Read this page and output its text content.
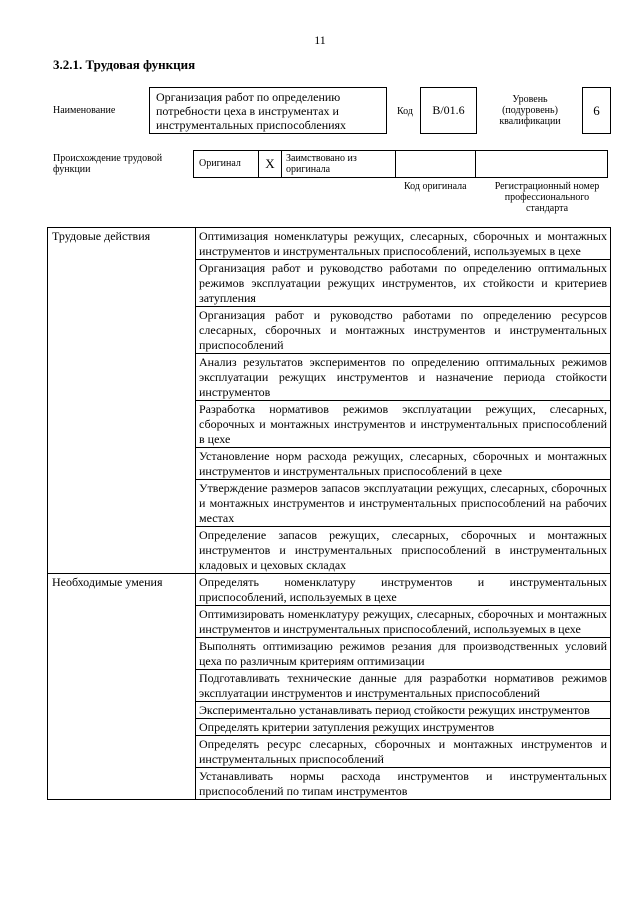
11
3.2.1. Трудовая функция
Наименование
Организация работ по определению потребности цеха в инструментах и инструментальных приспособлениях
Код	B/01.6
Уровень (подуровень) квалификации
6
Происхождение трудовой функции
Оригинал	X	Заимствовано из оригинала
Код оригинала	Регистрационный номер профессионального стандарта
Трудовые действия	Оптимизация номенклатуры режущих, слесарных, сборочных и монтажных инструментов и инструментальных приспособлений, используемых в цехе
	Организация работ и руководство работами по определению оптимальных режимов эксплуатации режущих инструментов, их стойкости и критериев затупления
	Организация работ и руководство работами по определению ресурсов слесарных, сборочных и монтажных инструментов и инструментальных приспособлений
	Анализ результатов экспериментов по определению оптимальных режимов эксплуатации режущих инструментов и назначение периода стойкости инструментов
	Разработка нормативов режимов эксплуатации режущих, слесарных, сборочных и монтажных инструментов и инструментальных приспособлений в цехе
	Установление норм расхода режущих, слесарных, сборочных и монтажных инструментов и инструментальных приспособлений в цехе
	Утверждение размеров запасов эксплуатации режущих, слесарных, сборочных и монтажных инструментов и инструментальных приспособлений на рабочих местах
	Определение запасов режущих, слесарных, сборочных и монтажных инструментов и инструментальных приспособлений в инструментальных кладовых и цеховых складах
Необходимые умения	Определять номенклатуру инструментов и инструментальных приспособлений, используемых в цехе
	Оптимизировать номенклатуру режущих, слесарных, сборочных и монтажных инструментов и инструментальных приспособлений, используемых в цехе
	Выполнять оптимизацию режимов резания для производственных условий цеха по различным критериям оптимизации
	Подготавливать технические данные для разработки нормативов режимов эксплуатации инструментов и инструментальных приспособлений
	Экспериментально устанавливать период стойкости режущих инструментов
	Определять критерии затупления режущих инструментов
	Определять ресурс слесарных, сборочных и монтажных инструментов и инструментальных приспособлений
	Устанавливать нормы расхода инструментов и инструментальных приспособлений по типам инструментов
